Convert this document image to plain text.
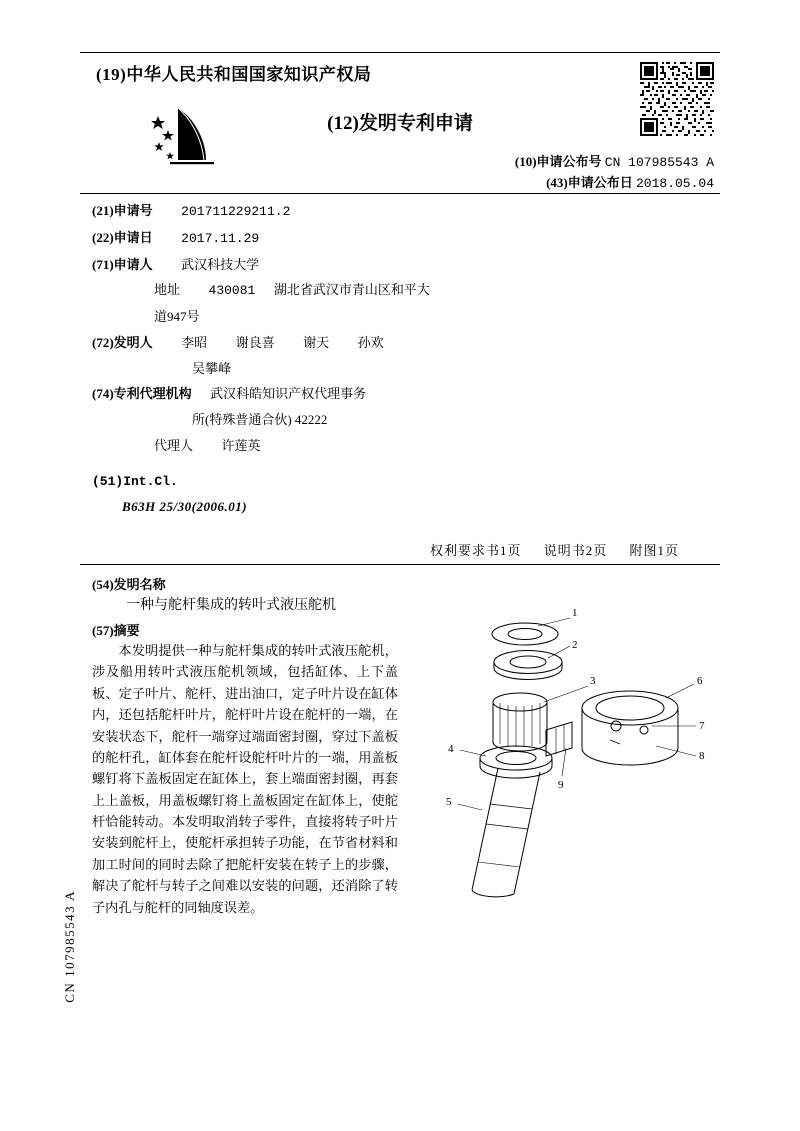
(19)中华人民共和国国家知识产权局
(12)发明专利申请
(10)申请公布号 CN 107985543 A
(43)申请公布日 2018.05.04
(21)申请号 201711229211.2
(22)申请日 2017.11.29
(71)申请人 武汉科技大学
地址 430081 湖北省武汉市青山区和平大
道947号
(72)发明人 李昭 谢良喜 谢天 孙欢
吴攀峰
(74)专利代理机构 武汉科皓知识产权代理事务
所(特殊普通合伙) 42222
代理人 许莲英
(51)Int.Cl.
B63H 25/30(2006.01)
权利要求书1页 说明书2页 附图1页
(54)发明名称
一种与舵杆集成的转叶式液压舵机
(57)摘要
本发明提供一种与舵杆集成的转叶式液压舵机，涉及船用转叶式液压舵机领域，包括缸体、上下盖板、定子叶片、舵杆、进出油口，定子叶片设在缸体内，还包括舵杆叶片，舵杆叶片设在舵杆的一端，在安装状态下，舵杆一端穿过端面密封圈，穿过下盖板的舵杆孔，缸体套在舵杆设舵杆叶片的一端，用盖板螺钉将下盖板固定在缸体上，套上端面密封圈，再套上上盖板，用盖板螺钉将上盖板固定在缸体上，使舵杆恰能转动。本发明取消转子零件，直接将转子叶片安装到舵杆上，使舵杆承担转子功能，在节省材料和加工时间的同时去除了把舵杆安装在转子上的步骤，解决了舵杆与转子之间难以安装的问题，还消除了转子内孔与舵杆的同轴度误差。
CN 107985543 A
1
2
3
4
5
6
7
8
9
